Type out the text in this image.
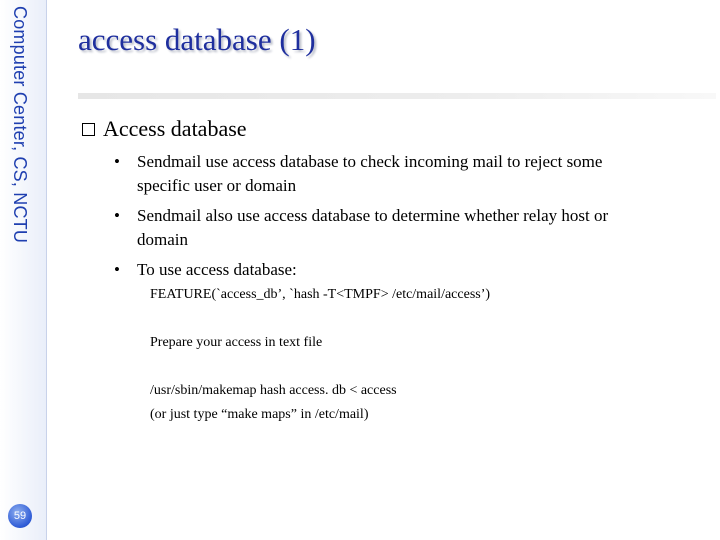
Computer Center, CS, NCTU
59
access database (1)
Access database
• Sendmail use access database to check incoming mail to reject some specific user or domain
• Sendmail also use access database to determine whether relay host or domain
• To use access database:
FEATURE(`access_db’, `hash -T<TMPF> /etc/mail/access’)
Prepare your access in text file
/usr/sbin/makemap hash access. db < access
(or just type “make maps” in /etc/mail)
